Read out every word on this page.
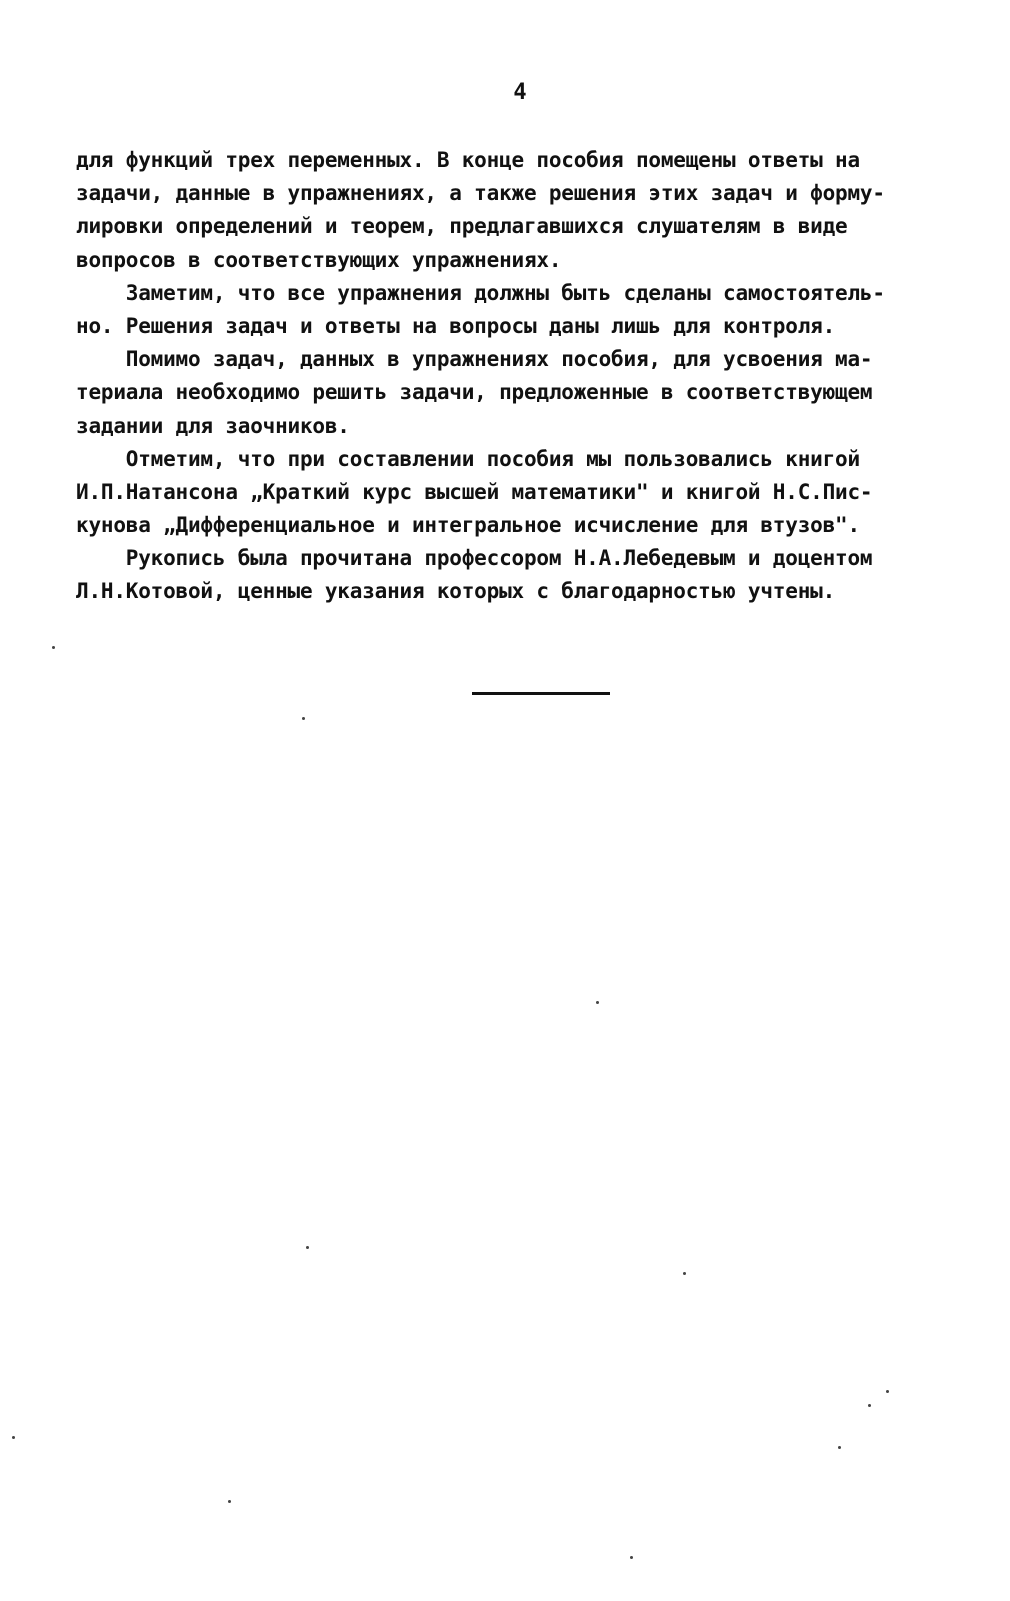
4
для функций трех переменных. В конце пособия помещены ответы на
задачи, данные в упражнениях, а также решения этих задач и форму-
лировки определений и теорем, предлагавшихся слушателям в виде
вопросов в соответствующих упражнениях.
Заметим, что все упражнения должны быть сделаны самостоятель-
но. Решения задач и ответы на вопросы даны лишь для контроля.
Помимо задач, данных в упражнениях пособия, для усвоения ма-
териала необходимо решить задачи, предложенные в соответствующем
задании для заочников.
Отметим, что при составлении пособия мы пользовались книгой
И.П.Натансона „Краткий курс высшей математики" и книгой Н.С.Пис-
кунова „Дифференциальное и интегральное исчисление для втузов".
Рукопись была прочитана профессором Н.А.Лебедевым и доцентом
Л.Н.Котовой, ценные указания которых с благодарностью учтены.
